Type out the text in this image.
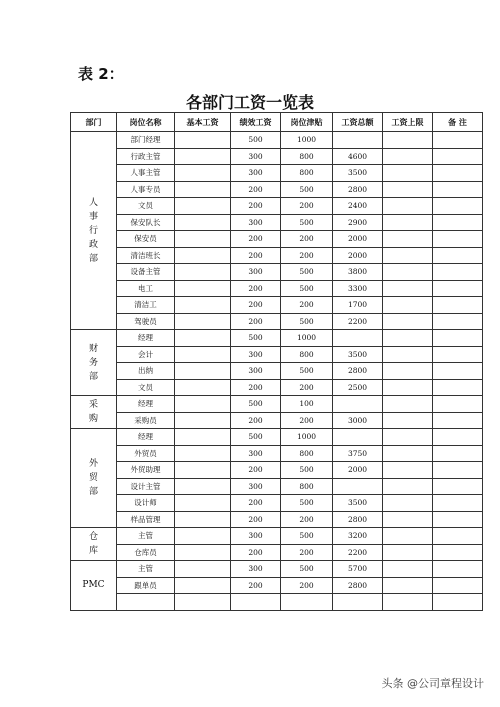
表 2：
各部门工资一览表
部门	岗位名称	基本工资	绩效工资	岗位津贴	工资总额	工资上限	备 注
人
事
行
政
部	部门经理		500	1000			
	行政主管		300	800	4600		
	人事主管		300	800	3500		
	人事专员		200	500	2800		
	文员		200	200	2400		
	保安队长		300	500	2900		
	保安员		200	200	2000		
	清洁班长		200	200	2000		
	设备主管		300	500	3800		
	电工		200	500	3300		
	清洁工		200	200	1700		
	驾驶员		200	500	2200		
财
务
部	经理		500	1000			
	会计		300	800	3500		
	出纳		300	500	2800		
	文员		200	200	2500		
采
购	经理		500	100			
	采购员		200	200	3000		
外
贸
部	经理		500	1000			
	外贸员		300	800	3750		
	外贸助理		200	500	2000		
	设计主管		300	800			
	设计师		200	500	3500		
	样品管理		200	200	2800		
仓
库	主管		300	500	3200		
	仓库员		200	200	2200		
PMC	主管		300	500	5700		
	跟单员		200	200	2800		

头条 @公司章程设计
